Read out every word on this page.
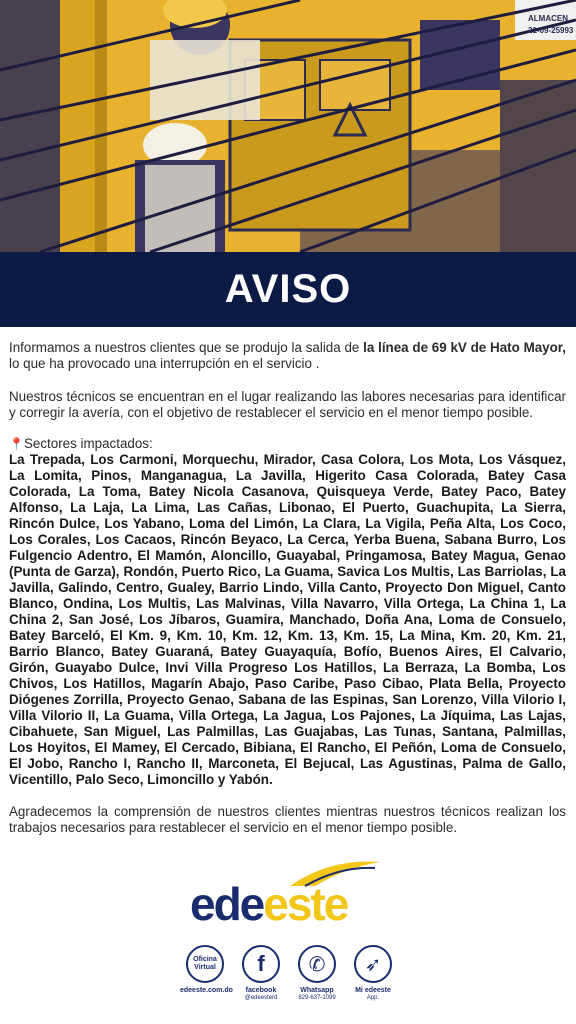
ALMACEN
21-09-25993
AVISO

Informamos a nuestros clientes que se produjo la salida de la línea de 69 kV de Hato Mayor, lo que ha provocado una interrupción en el servicio .

Nuestros técnicos se encuentran en el lugar realizando las labores necesarias para identificar y corregir la avería, con el objetivo de restablecer el servicio en el menor tiempo posible.

📍Sectores impactados:

La Trepada, Los Carmoni, Morquechu, Mirador, Casa Colora, Los Mota, Los Vásquez, La Lomita, Pinos, Manganagua, La Javilla, Higerito Casa Colorada, Batey Casa Colorada, La Toma, Batey Nicola Casanova, Quisqueya Verde, Batey Paco, Batey Alfonso, La Laja, La Lima, Las Cañas, Libonao, El Puerto, Guachupita, La Sierra, Rincón Dulce, Los Yabano, Loma del Limón, La Clara, La Vigila, Peña Alta, Los Coco, Los Corales, Los Cacaos, Rincón Beyaco, La Cerca, Yerba Buena, Sabana Burro, Los Fulgencio Adentro, El Mamón, Aloncillo, Guayabal, Pringamosa, Batey Magua, Genao (Punta de Garza), Rondón, Puerto Rico, La Guama, Savica Los Multis, Las Barriolas, La Javilla, Galindo, Centro, Gualey, Barrio Lindo, Villa Canto, Proyecto Don Miguel, Canto Blanco, Ondina, Los Multis, Las Malvinas, Villa Navarro, Villa Ortega, La China 1, La China 2, San José, Los Jíbaros, Guamira, Manchado, Doña Ana, Loma de Consuelo, Batey Barceló, El Km. 9, Km. 10, Km. 12, Km. 13, Km. 15, La Mina, Km. 20, Km. 21, Barrio Blanco, Batey Guaraná, Batey Guayaquía, Bofío, Buenos Aires, El Calvario, Girón, Guayabo Dulce, Invi Villa Progreso Los Hatillos, La Berraza, La Bomba, Los Chivos, Los Hatillos, Magarín Abajo, Paso Caribe, Paso Cibao, Plata Bella, Proyecto Diógenes Zorrilla, Proyecto Genao, Sabana de las Espinas, San Lorenzo, Villa Vilorio I, Villa Vilorio II, La Guama, Villa Ortega, La Jagua, Los Pajones, La Jíquima, Las Lajas, Cibahuete, San Miguel, Las Palmillas, Las Guajabas, Las Tunas, Santana, Palmillas, Los Hoyitos, El Mamey, El Cercado, Bibiana, El Rancho, El Peñón, Loma de Consuelo, El Jobo, Rancho I, Rancho II, Marconeta, El Bejucal, Las Agustinas, Palma de Gallo, Vicentillo, Palo Seco, Limoncillo y Yabón.

Agradecemos la comprensión de nuestros clientes mientras nuestros técnicos realizan los trabajos necesarios para restablecer el servicio en el menor tiempo posible.

edeeste
Oficina Virtual
edeeste.com.do
f
facebook
@edeesterd
✆
Whatsapp
829-637-1099
➶
Mi edeeste
App.
